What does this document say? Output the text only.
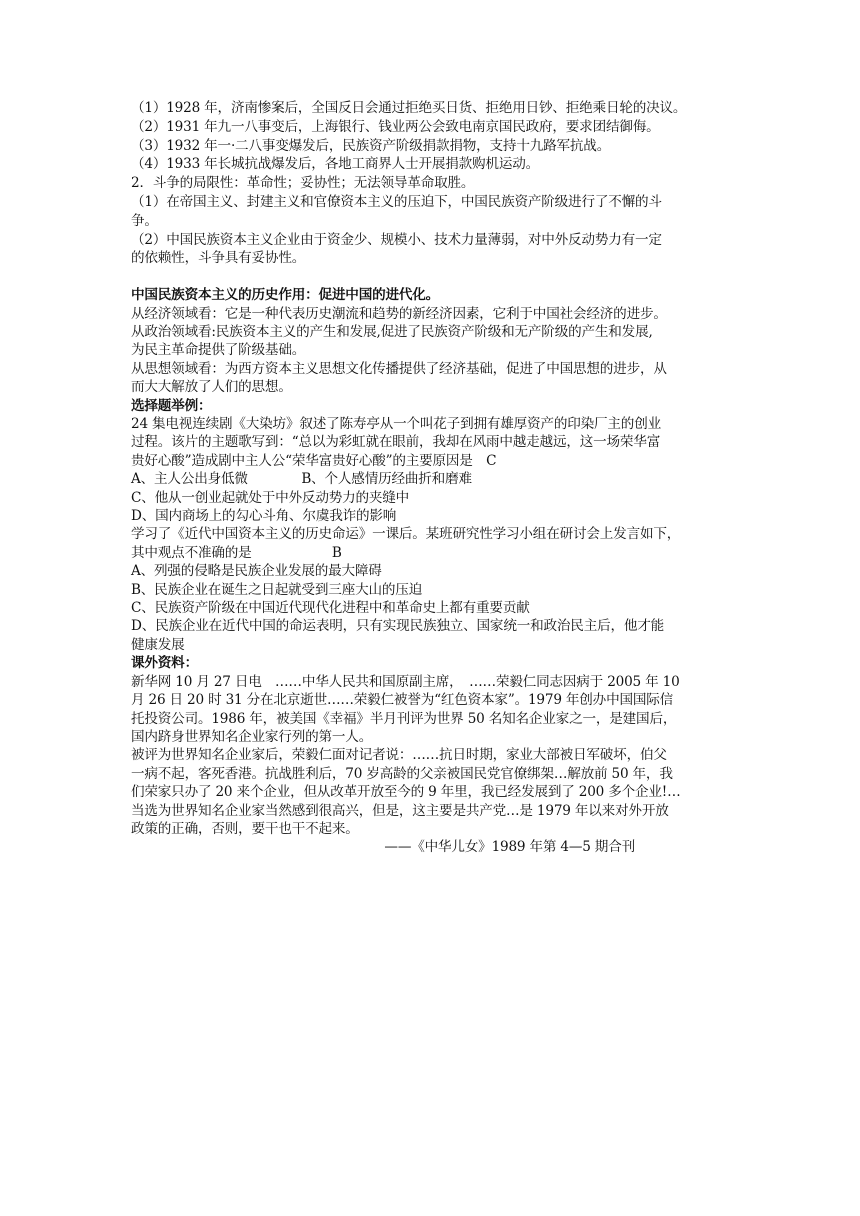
（1）1928 年，济南惨案后，全国反日会通过拒绝买日货、拒绝用日钞、拒绝乘日轮的决议。
（2）1931 年九一八事变后，上海银行、钱业两公会致电南京国民政府，要求团结御侮。
（3）1932 年一·二八事变爆发后，民族资产阶级捐款捐物，支持十九路军抗战。
（4）1933 年长城抗战爆发后，各地工商界人士开展捐款购机运动。
2．斗争的局限性：革命性；妥协性；无法领导革命取胜。
（1）在帝国主义、封建主义和官僚资本主义的压迫下，中国民族资产阶级进行了不懈的斗
争。
（2）中国民族资本主义企业由于资金少、规模小、技术力量薄弱，对中外反动势力有一定
的依赖性，斗争具有妥协性。
中国民族资本主义的历史作用：促进中国的进代化。
从经济领域看：它是一种代表历史潮流和趋势的新经济因素，它利于中国社会经济的进步。
从政治领域看:民族资本主义的产生和发展,促进了民族资产阶级和无产阶级的产生和发展,
为民主革命提供了阶级基础。
从思想领域看：为西方资本主义思想文化传播提供了经济基础，促进了中国思想的进步，从
而大大解放了人们的思想。
选择题举例：
24 集电视连续剧《大染坊》叙述了陈寿亭从一个叫花子到拥有雄厚资产的印染厂主的创业
过程。该片的主题歌写到：“总以为彩虹就在眼前，我却在风雨中越走越远，这一场荣华富
贵好心酸”造成剧中主人公“荣华富贵好心酸”的主要原因是　C
A、主人公出身低微　　　　B、个人感情历经曲折和磨难
C、他从一创业起就处于中外反动势力的夹缝中
D、国内商场上的勾心斗角、尔虞我诈的影响
学习了《近代中国资本主义的历史命运》一课后。某班研究性学习小组在研讨会上发言如下，
其中观点不准确的是　　　　　　B
A、列强的侵略是民族企业发展的最大障碍
B、民族企业在诞生之日起就受到三座大山的压迫
C、民族资产阶级在中国近代现代化进程中和革命史上都有重要贡献
D、民族企业在近代中国的命运表明，只有实现民族独立、国家统一和政治民主后，他才能
健康发展
课外资料：
新华网 10 月 27 日电　……中华人民共和国原副主席，　……荣毅仁同志因病于 2005 年 10
月 26 日 20 时 31 分在北京逝世……荣毅仁被誉为“红色资本家”。1979 年创办中国国际信
托投资公司。1986 年，被美国《幸福》半月刊评为世界 50 名知名企业家之一，是建国后，
国内跻身世界知名企业家行列的第一人。
被评为世界知名企业家后，荣毅仁面对记者说：……抗日时期，家业大部被日军破坏，伯父
一病不起，客死香港。抗战胜利后，70 岁高龄的父亲被国民党官僚绑架…解放前 50 年，我
们荣家只办了 20 来个企业，但从改革开放至今的 9 年里，我已经发展到了 200 多个企业!…
当选为世界知名企业家当然感到很高兴，但是，这主要是共产党…是 1979 年以来对外开放
政策的正确，否则，要干也干不起来。
——《中华儿女》1989 年第 4—5 期合刊
